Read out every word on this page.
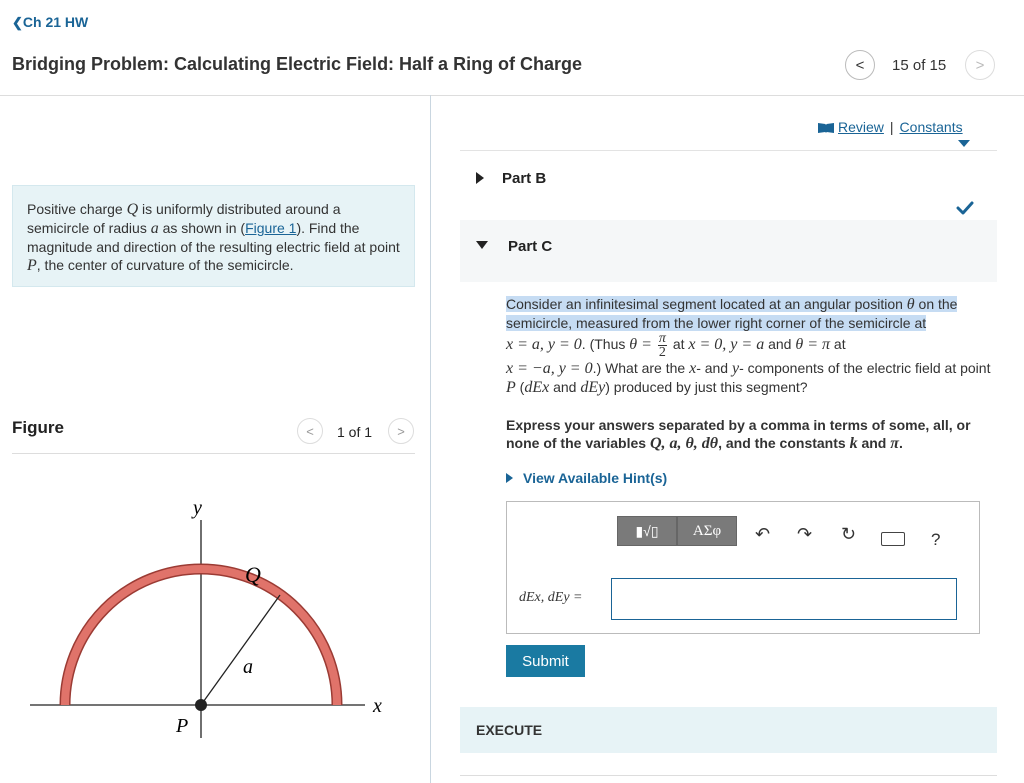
❮Ch 21 HW
Bridging Problem: Calculating Electric Field: Half a Ring of Charge	< 15 of 15 >
Positive charge Q is uniformly distributed around a semicircle of radius a as shown in (Figure 1). Find the magnitude and direction of the resulting electric field at point P, the center of curvature of the semicircle.
Figure	< 1 of 1 >
y
x
Q
a
P
Review | Constants
Part B
Part C
Consider an infinitesimal segment located at an angular position θ on the semicircle, measured from the lower right corner of the semicircle at
x = a, y = 0. (Thus $\theta = \frac{\pi}{2}$ at x = 0, y = a and θ = π at
x = −a, y = 0.) What are the x- and y- components of the electric field at point P (dEx and dEy) produced by just this segment?
Express your answers separated by a comma in terms of some, all, or none of the variables Q, a, θ, dθ, and the constants k and π.
View Available Hint(s)
▮√▯	ΑΣφ	↶ ↷ ↻	?
dEx, dEy =
Submit
EXECUTE
